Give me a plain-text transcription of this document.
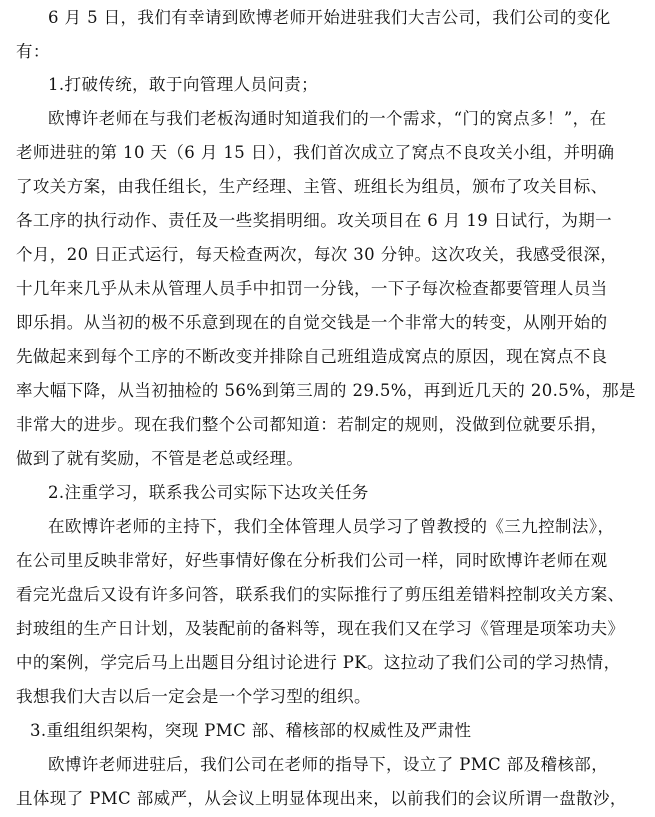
6 月 5 日，我们有幸请到欧博老师开始进驻我们大吉公司，我们公司的变化
有：
1.打破传统，敢于向管理人员问责；
欧博许老师在与我们老板沟通时知道我们的一个需求，“门的窝点多！”，在
老师进驻的第 10 天（6 月 15 日），我们首次成立了窝点不良攻关小组，并明确
了攻关方案，由我任组长，生产经理、主管、班组长为组员，颁布了攻关目标、
各工序的执行动作、责任及一些奖捐明细。攻关项目在 6 月 19 日试行，为期一
个月，20 日正式运行，每天检查两次，每次 30 分钟。这次攻关，我感受很深，
十几年来几乎从未从管理人员手中扣罚一分钱，一下子每次检查都要管理人员当
即乐捐。从当初的极不乐意到现在的自觉交钱是一个非常大的转变，从刚开始的
先做起来到每个工序的不断改变并排除自己班组造成窝点的原因，现在窝点不良
率大幅下降，从当初抽检的 56%到第三周的 29.5%，再到近几天的 20.5%，那是
非常大的进步。现在我们整个公司都知道：若制定的规则，没做到位就要乐捐，
做到了就有奖励，不管是老总或经理。
2.注重学习，联系我公司实际下达攻关任务
在欧博许老师的主持下，我们全体管理人员学习了曾教授的《三九控制法》，
在公司里反映非常好，好些事情好像在分析我们公司一样，同时欧博许老师在观
看完光盘后又设有许多问答，联系我们的实际推行了剪压组差错料控制攻关方案、
封玻组的生产日计划，及装配前的备料等，现在我们又在学习《管理是项笨功夫》
中的案例，学完后马上出题目分组讨论进行 PK。这拉动了我们公司的学习热情，
我想我们大吉以后一定会是一个学习型的组织。
3.重组组织架构，突现 PMC 部、稽核部的权威性及严肃性
欧博许老师进驻后，我们公司在老师的指导下，设立了 PMC 部及稽核部，
且体现了 PMC 部威严，从会议上明显体现出来，以前我们的会议所谓一盘散沙，
